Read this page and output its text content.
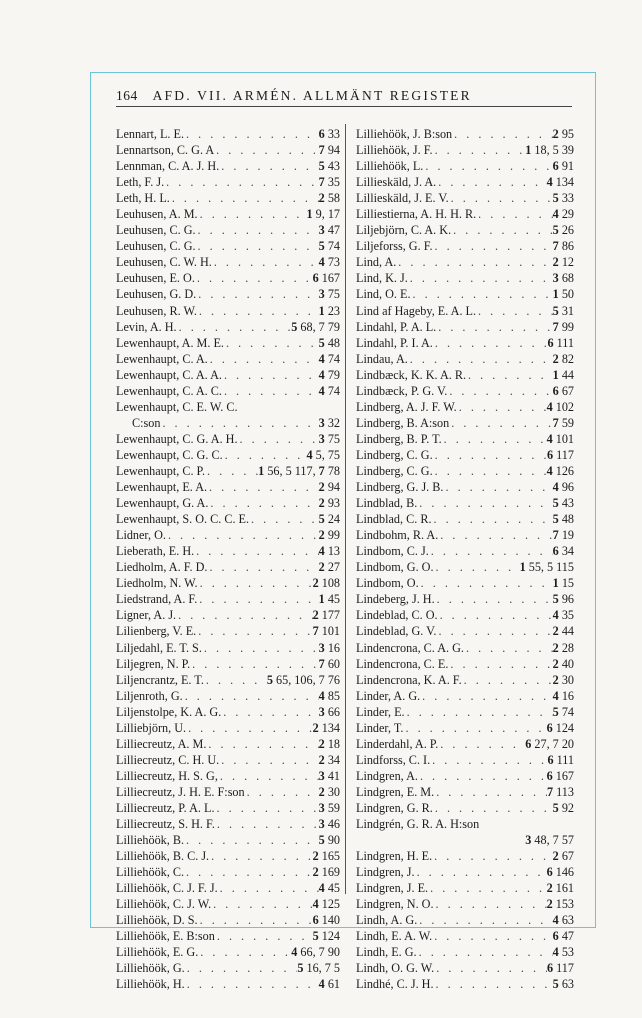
164 AFD. VII. ARMÉN. ALLMÄNT REGISTER
Lennart, L. E. . . .	6 33
Lennartson, C. G. A . . .	7 94
Lennman, C. A. J. H. . . .	5 43
Leth, F. J. . . .	7 35
Leth, H. L. . . .	2 58
Leuhusen, A. M. . . .	1 9, 17
Leuhusen, C. G. . . .	3 47
Leuhusen, C. G. . . .	5 74
Leuhusen, C. W. H. . . .	4 73
Leuhusen, E. O. . . .	6 167
Leuhusen, G. D. . . .	3 75
Leuhusen, R. W. . . .	1 23
Levin, A. H. . . .	5 68, 7 79
Lewenhaupt, A. M. E. . . .	5 48
Lewenhaupt, C. A. . . .	4 74
Lewenhaupt, C. A. A. . . .	4 79
Lewenhaupt, C. A. C. . . .	4 74
Lewenhaupt, C. E. W. C.
C:son . . .	3 32
Lewenhaupt, C. G. A. H. . . .	3 75
Lewenhaupt, C. G. C. . . .	4 5, 75
Lewenhaupt, C. P. . . .	1 56, 5 117, 7 78
Lewenhaupt, E. A. . . .	2 94
Lewenhaupt, G. A. . . .	2 93
Lewenhaupt, S. O. C. C. E. . . .	5 24
Lidner, O. . . .	2 99
Lieberath, E. H. . . .	4 13
Liedholm, A. F. D. . . .	2 27
Liedholm, N. W. . . .	2 108
Liedstrand, A. F. . . .	1 45
Ligner, A. J. . . .	2 177
Lilienberg, V. E. . . .	7 101
Liljedahl, E. T. S. . . .	3 16
Liljegren, N. P. . . .	7 60
Liljencrantz, E. T. . . .	5 65, 106, 7 76
Liljenroth, G. . . .	4 85
Liljenstolpe, K. A. G. . . .	3 66
Lilliebjörn, U. . . .	2 134
Lilliecreutz, A. M. . . .	2 18
Lilliecreutz, C. H. U. . . .	2 34
Lilliecreutz, H. S. G, . . .	3 41
Lilliecreutz, J. H. E. F:son . . .	2 30
Lilliecreutz, P. A. L. . . .	3 59
Lilliecreutz, S. H. F. . . .	3 46
Lilliehöök, B. . . .	5 90
Lilliehöök, B. C. J. . . .	2 165
Lilliehöök, C. . . .	2 169
Lilliehöök, C. J. F. J. . . .	4 45
Lilliehöök, C. J. W. . . .	4 125
Lilliehöök, D. S. . . .	6 140
Lilliehöök, E. B:son . . .	5 124
Lilliehöök, E. G. . . .	4 66, 7 90
Lilliehöök, G. . . .	5 16, 7 5
Lilliehöök, H. . . .	4 61
Lilliehöök, J. B:son . . .	2 95
Lilliehöök, J. F. . . .	1 18, 5 39
Lilliehöök, L. . . .	6 91
Lillieskäld, J. A. . . .	4 134
Lillieskäld, J. E. V. . . .	5 33
Lilliestierna, A. H. H. R. . . .	4 29
Liljebjörn, C. A. K. . . .	5 26
Liljeforss, G. F. . . .	7 86
Lind, A. . . .	2 12
Lind, K. J. . . .	3 68
Lind, O. E. . . .	1 50
Lind af Hageby, E. A. L. . . .	5 31
Lindahl, P. A. L. . . .	7 99
Lindahl, P. I. A. . . .	6 111
Lindau, A. . . .	2 82
Lindbæck, K. K. A. R. . . .	1 44
Lindbæck, P. G. V. . . .	6 67
Lindberg, A. J. F. W. . . .	4 102
Lindberg, B. A:son . . .	7 59
Lindberg, B. P. T. . . .	4 101
Lindberg, C. G. . . .	6 117
Lindberg, C. G. . . .	4 126
Lindberg, G. J. B. . . .	4 96
Lindblad, B. . . .	5 43
Lindblad, C. R. . . .	5 48
Lindbohm, R. A. . . .	7 19
Lindbom, C. J. . . .	6 34
Lindbom, G. O. . . .	1 55, 5 115
Lindbom, O. . . .	1 15
Lindeberg, J. H. . . .	5 96
Lindeblad, C. O. . . .	4 35
Lindeblad, G. V. . . .	2 44
Lindencrona, C. A. G. . . .	2 28
Lindencrona, C. E. . . .	2 40
Lindencrona, K. A. F. . . .	2 30
Linder, A. G. . . .	4 16
Linder, E. . . .	5 74
Linder, T. . . .	6 124
Linderdahl, A. P. . . .	6 27, 7 20
Lindforss, C. I. . . .	6 111
Lindgren, A. . . .	6 167
Lindgren, E. M. . . .	7 113
Lindgren, G. R. . . .	5 92
Lindgrén, G. R. A. H:son
3 48, 7 57
Lindgren, H. E. . . .	2 67
Lindgren, J. . . .	6 146
Lindgren, J. E. . . .	2 161
Lindgren, N. O. . . .	2 153
Lindh, A. G. . . .	4 63
Lindh, E. A. W. . . .	6 47
Lindh, E. G. . . .	4 53
Lindh, O. G. W. . . .	6 117
Lindhé, C. J. H. . . .	5 63
